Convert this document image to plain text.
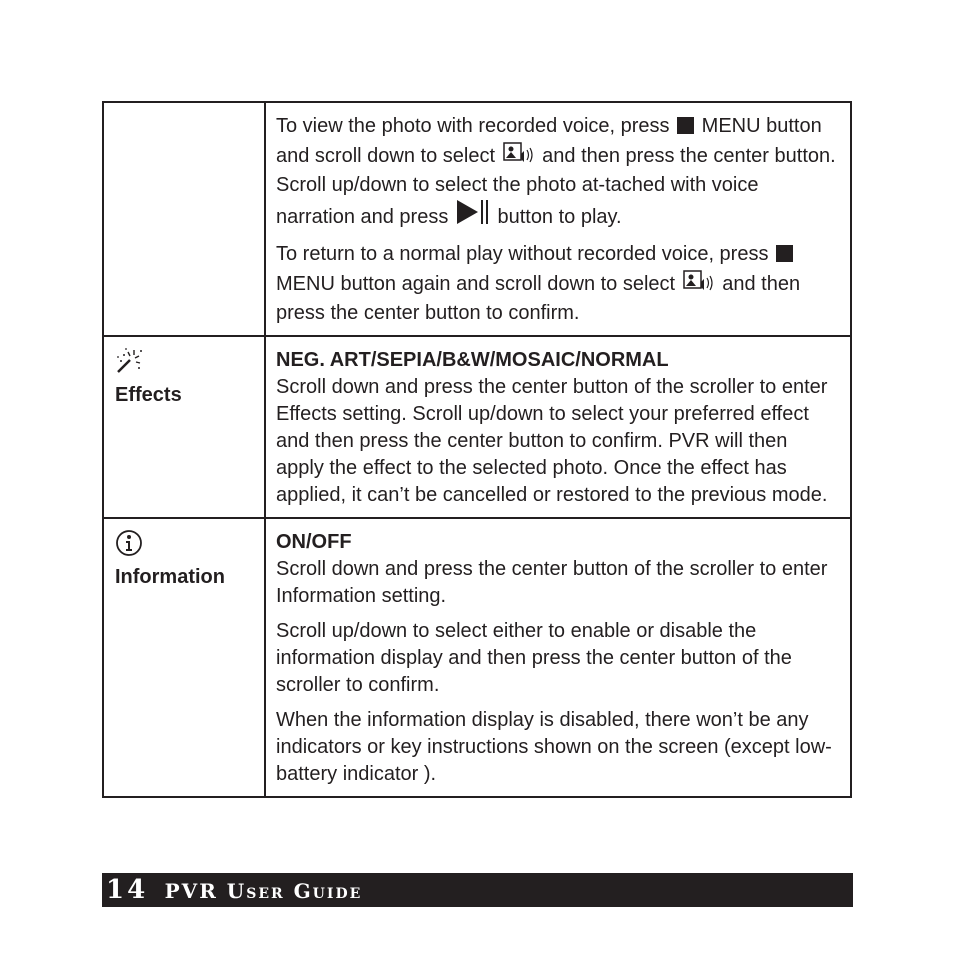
To view the photo with recorded voice, press MENU button and scroll down to select and then press the center button. Scroll up/down to select the photo at-tached with voice narration and press button to play.

To return to a normal play without recorded voice, press  MENU button again and scroll down to select and then press the center button to confirm.

Effects
NEG. ART/SEPIA/B&W/MOSAIC/NORMAL
Scroll down and press the center button of the scroller to enter Effects setting. Scroll up/down to select your preferred effect and then press the center button to confirm. PVR will then apply the effect to the selected photo. Once the effect has applied, it can’t be cancelled or restored to the previous mode.
Information
ON/OFF

Scroll down and press the center button of the scroller to enter Information setting.

Scroll up/down to select either to enable or disable the information display and then press the center button of the scroller to confirm.

When the information display is disabled, there won’t be any indicators or key instructions shown on the screen (except low-battery indicator ).

14 PVR User Guide
